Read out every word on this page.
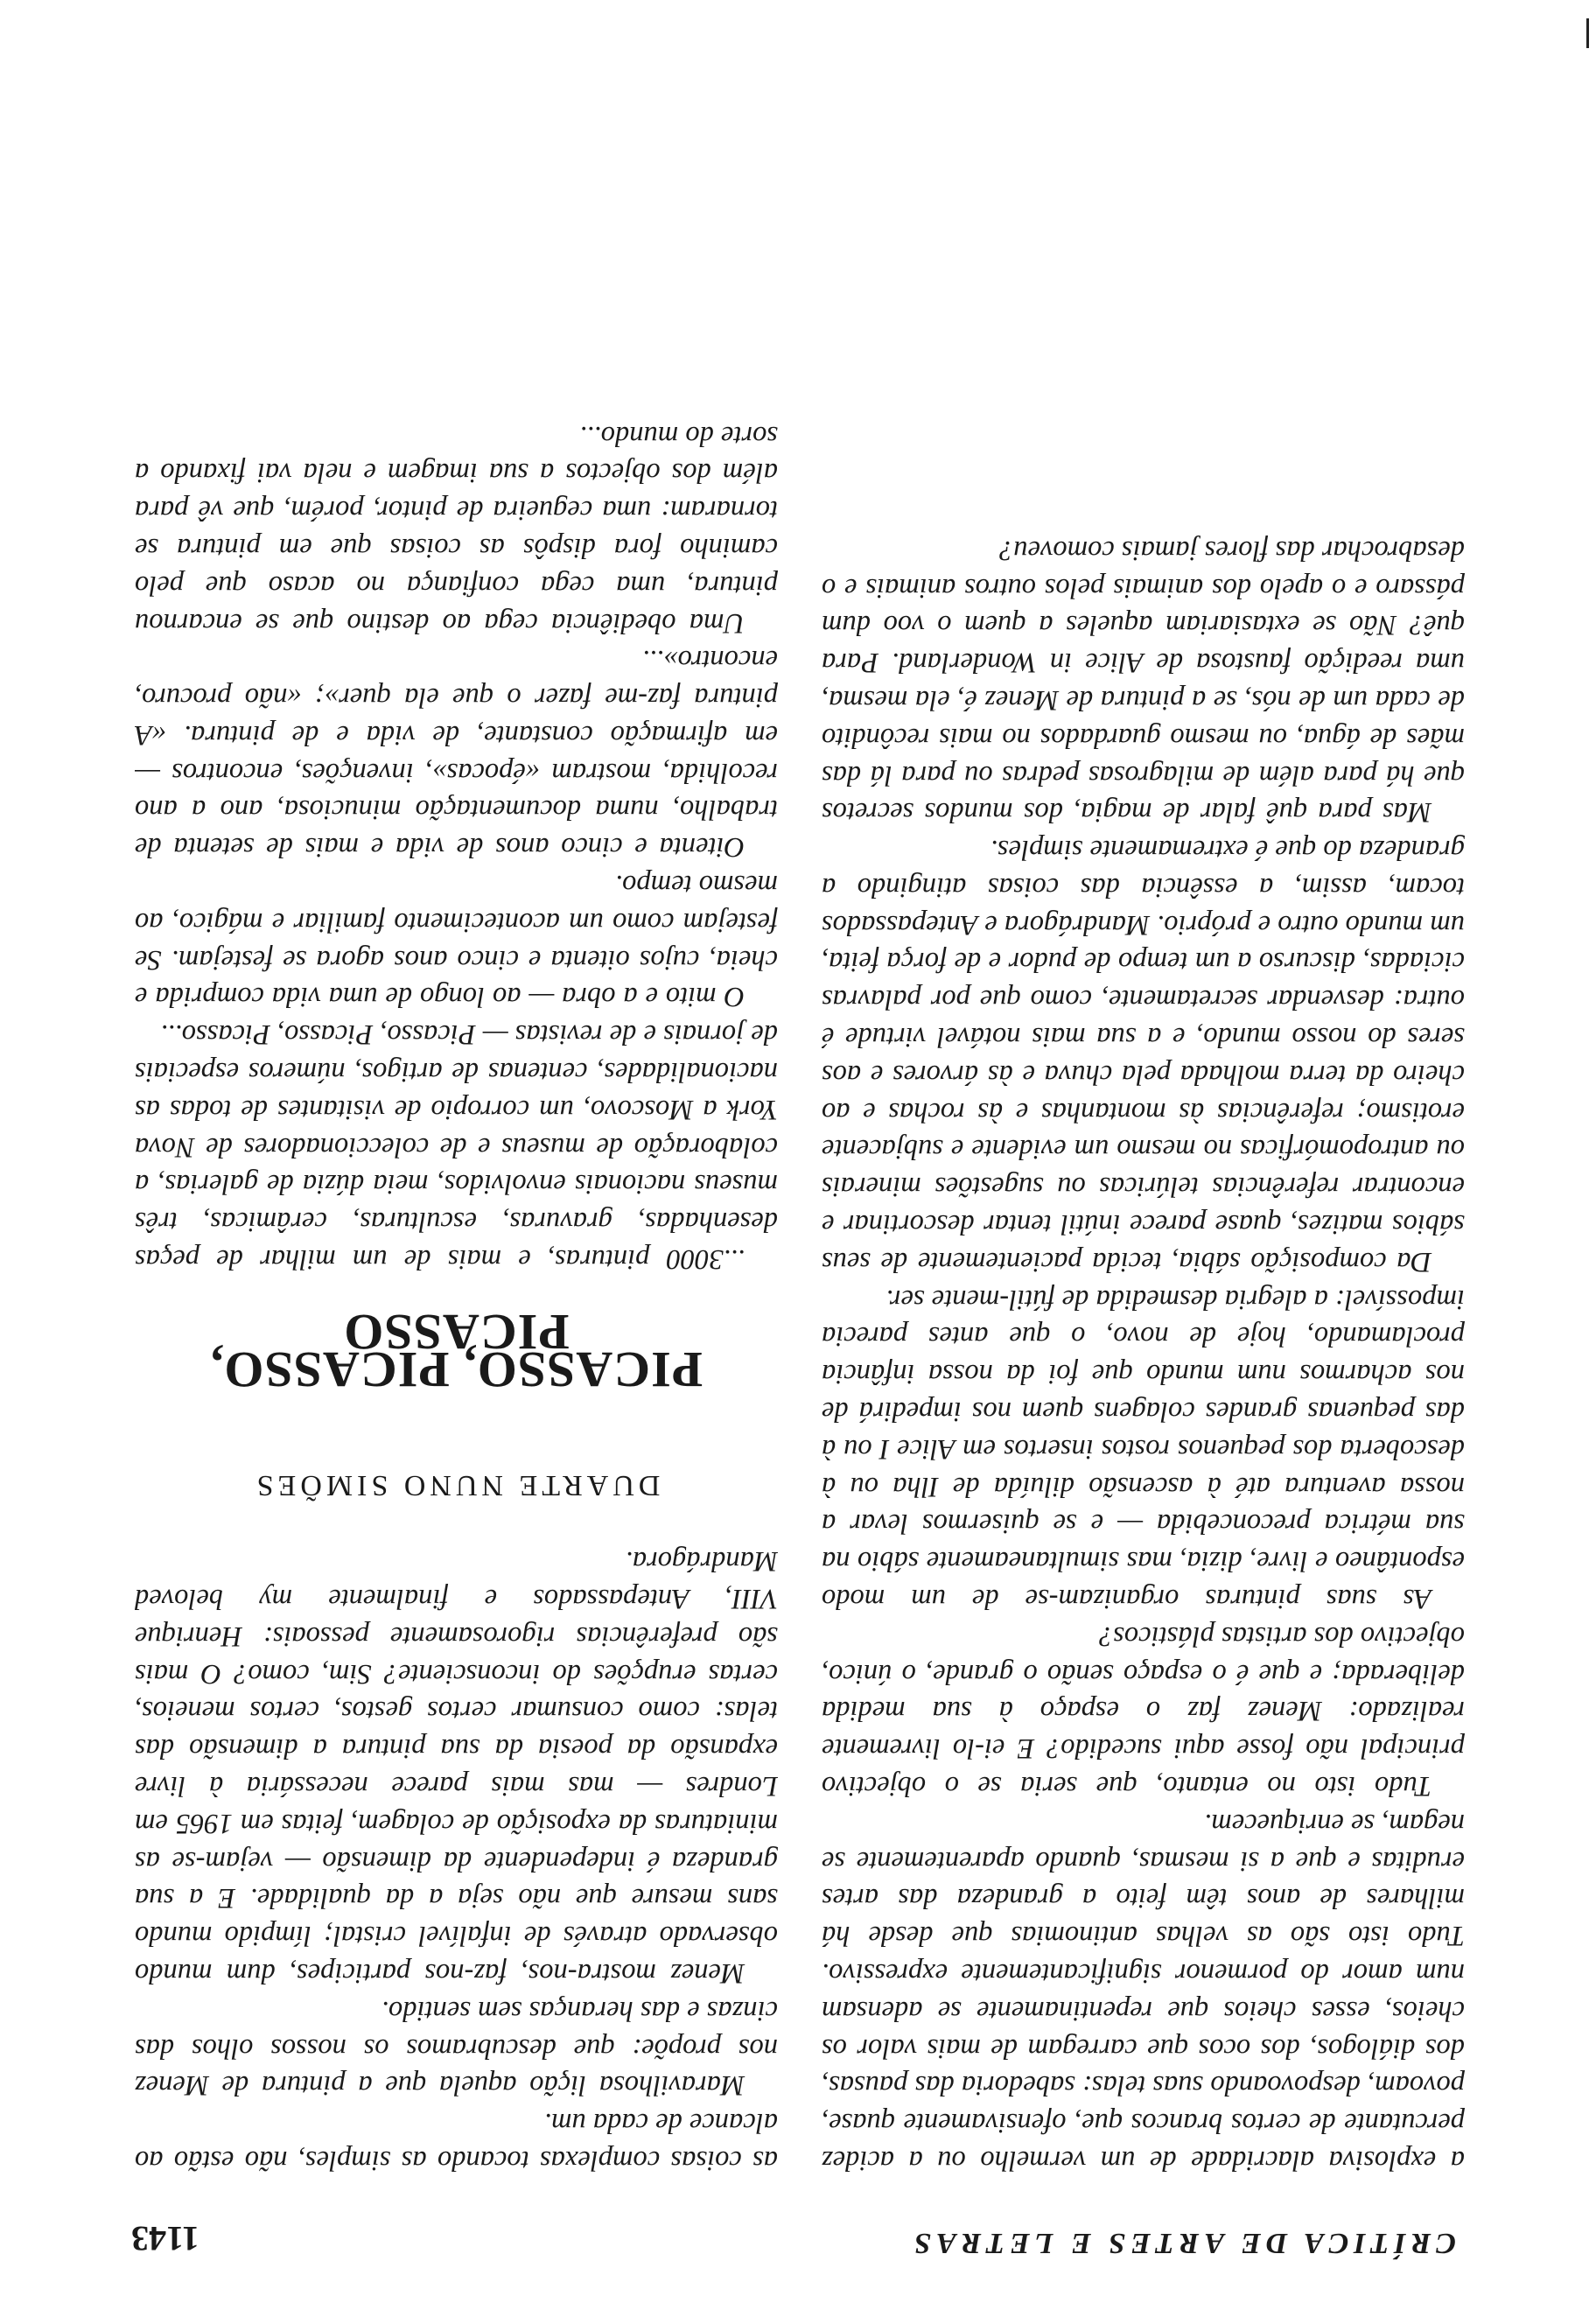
CRÍTICA DE ARTES E LETRAS
1143

a explosiva alacridade de um vermelho ou a acidez percutante de certos brancos que, ofensivamente quase, povoam, despovoando suas telas: sabedoria das pausas, dos diálogos, dos ocos que carregam de mais valor os cheios, esses cheios que repentinamente se adensam num amor do pormenor significantemente expressivo. Tudo isto são as velhas antinomias que desde há milhares de anos têm feito a grandeza das artes eruditas e que a si mesmas, quando aparentemente se negam, se enriquecem.

Tudo isto no entanto, que seria se o objectivo principal não fosse aqui sucedido? E ei-lo livremente realizado: Menez faz o espaço à sua medida deliberada; e que é o espaço senão o grande, o único, objectivo dos artistas plásticos?

As suas pinturas organizam-se de um modo espontâneo e livre, dizia, mas simultaneamente sábio na sua métrica preconcebida — e se quisermos levar a nossa aventura até à ascensão diluída de Ilha ou à descoberta dos pequenos rostos insertos em Alice I ou à das pequenas grandes colagens quem nos impedirá de nos acharmos num mundo que foi da nossa infância proclamando, hoje de novo, o que antes parecia impossível: a alegria desmedida de fútil-mente ser.

Da composição sábia, tecida pacientemente de seus sábios matizes, quase parece inútil tentar descortinar e encontrar referências telúricas ou sugestões minerais ou antropomórficas no mesmo um evidente e subjacente erotismo; referências às montanhas e às rochas e ao cheiro da terra molhada pela chuva e às árvores e aos seres do nosso mundo, e a sua mais notável virtude é outra: desvendar secretamente, como que por palavras ciciadas, discurso a um tempo de pudor e de força feita, um mundo outro e próprio. Mandrágora e Antepassados tocam, assim, a essência das coisas atingindo a grandeza do que é extremamente simples.

Mas para quê falar de magia, dos mundos secretos que há para além de milagrosas pedras ou para lá das mães de água, ou mesmo guardados no mais recôndito de cada um de nós, se a pintura de Menez é, ela mesma, uma reedição faustosa de Alice in Wonderland. Para quê? Não se extasiariam aqueles a quem o voo dum pássaro e o apelo dos animais pelos outros animais e o desabrochar das flores jamais comoveu?

as coisas complexas tocando as simples, não estão ao alcance de cada um.

Maravilhosa lição aquela que a pintura de Menez nos propõe: que descubramos os nossos olhos das cinzas e das heranças sem sentido.

Menez mostra-nos, faz-nos participes, dum mundo observado através de infalível cristal; límpido mundo sans mesure que não seja a da qualidade. E a sua grandeza é independente da dimensão — vejam-se as miniaturas da exposição de colagem, feitas em 1965 em Londres — mas mais parece necessária à livre expansão da poesia da sua pintura a dimensão das telas: como consumar certos gestos, certos meneios, certas erupções do inconsciente? Sim, como? O mais são preferências rigorosamente pessoais: Henrique VIII, Antepassados e finalmente my beloved Mandrágora.

DUARTE NUNO SIMÕES
PICASSO, PICASSO, PICASSO

...3000 pinturas, e mais de um milhar de peças desenhadas, gravuras, esculturas, cerâmicas, três museus nacionais envolvidos, meia dúzia de galerias, a colaboração de museus e de coleccionadores de Nova York a Moscovo, um corropio de visitantes de todas as nacionalidades, centenas de artigos, números especiais de jornais e de revistas — Picasso, Picasso, Picasso...

O mito e a obra — ao longo de uma vida comprida e cheia, cujos oitenta e cinco anos agora se festejam. Se festejam como um acontecimento familiar e mágico, ao mesmo tempo.

Oitenta e cinco anos de vida e mais de setenta de trabalho, numa documentação minuciosa, ano a ano recolhida, mostram «épocas», invenções, encontros — em afirmação constante, de vida e de pintura. «A pintura faz-me fazer o que ela quer»; «não procuro, encontro»...

Uma obediência cega ao destino que se encarnou pintura, uma cega confiança no acaso que pelo caminho fora dispôs as coisas que em pintura se tornaram: uma cegueira de pintor, porém, que vê para além dos objectos a sua imagem e nela vai fixando a sorte do mundo...
